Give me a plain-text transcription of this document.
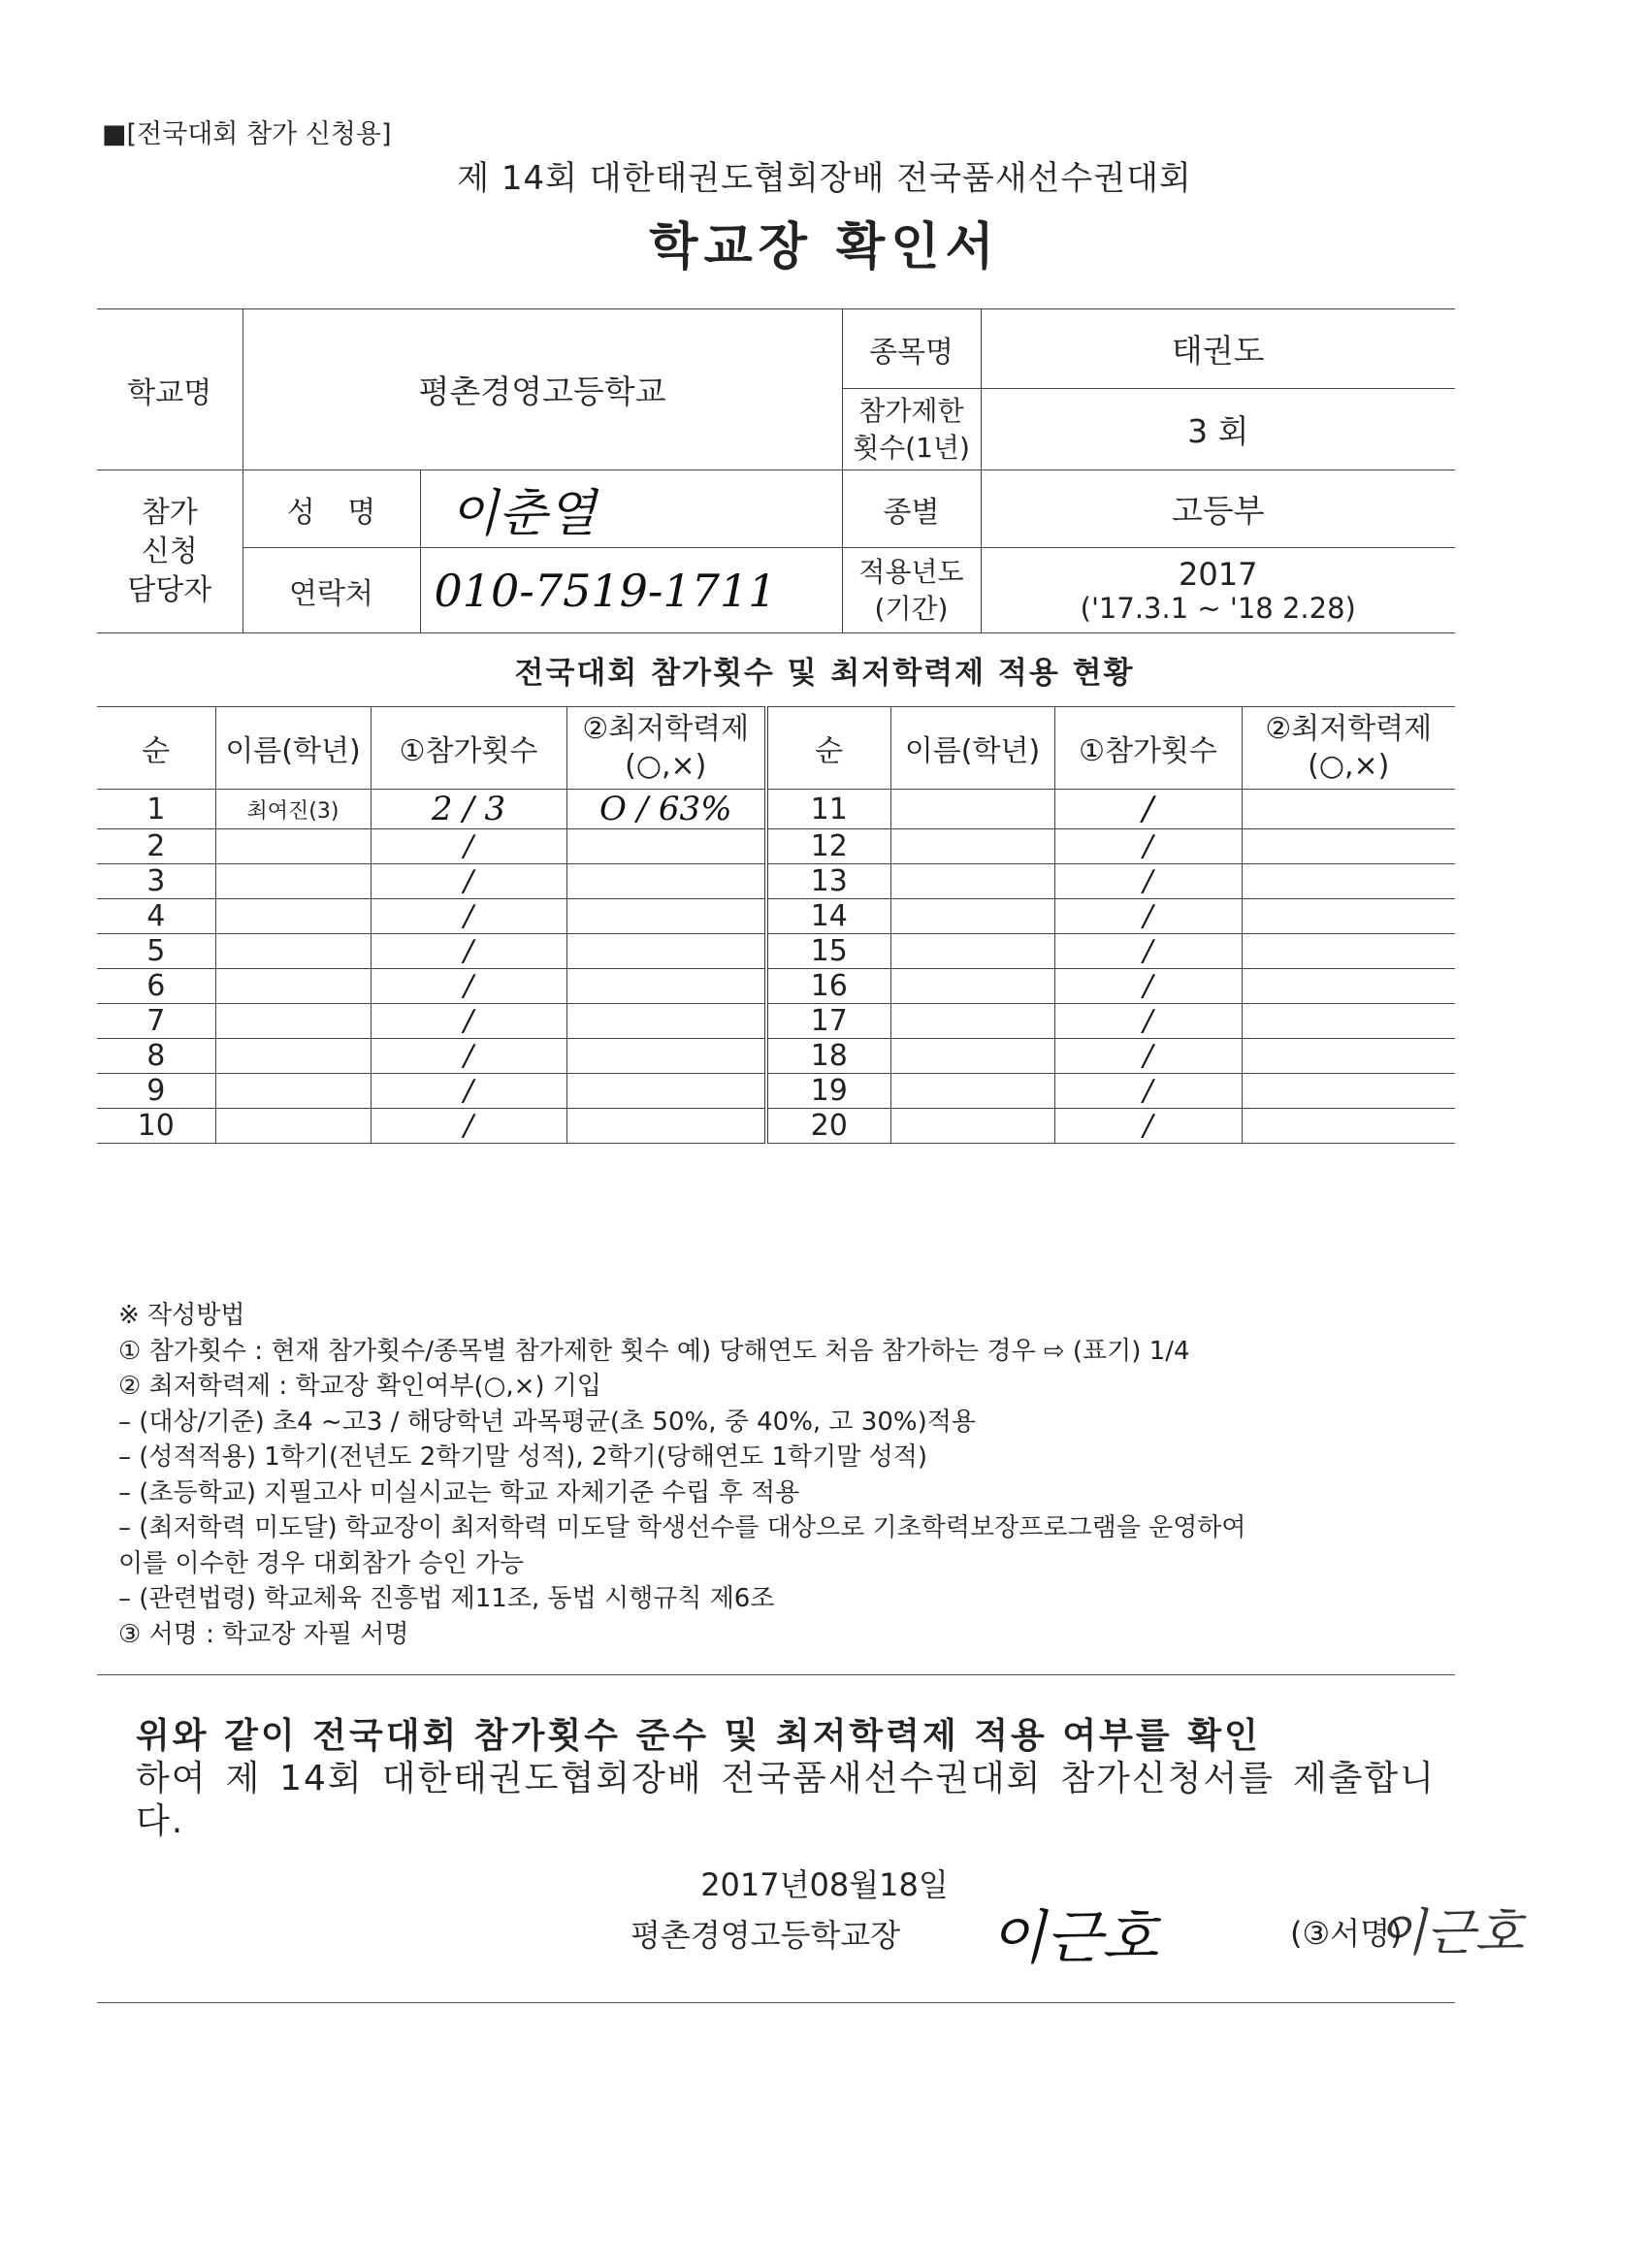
■[전국대회 참가 신청용]
제 14회 대한태권도협회장배 전국품새선수권대회
학교장 확인서
학교명	평촌경영고등학교		종목명	태권도
			참가제한 횟수(1년)	3 회
참가 신청 담당자	성 명	이춘열	종별	고등부
	연락처	010-7519-1711	적용년도 (기간)	2017
('17.3.1 ~ '18 2.28)
전국대회 참가횟수 및 최저학력제 적용 현황
순	이름(학년)	①참가횟수	②최저학력제 (○,×)	순	이름(학년)	①참가횟수	②최저학력제 (○,×)
1	최여진(3)	2 / 3	O / 63%	11		/	
2		/		12		/	
3		/		13		/	
4		/		14		/	
5		/		15		/	
6		/		16		/	
7		/		17		/	
8		/		18		/	
9		/		19		/	
10		/		20		/	
※ 작성방법
① 참가횟수 : 현재 참가횟수/종목별 참가제한 횟수 예) 당해연도 처음 참가하는 경우 ⇨ (표기) 1/4
② 최저학력제 : 학교장 확인여부(○,×) 기입
– (대상/기준) 초4 ~고3 / 해당학년 과목평균(초 50%, 중 40%, 고 30%)적용
– (성적적용) 1학기(전년도 2학기말 성적), 2학기(당해연도 1학기말 성적)
– (초등학교) 지필고사 미실시교는 학교 자체기준 수립 후 적용
– (최저학력 미도달) 학교장이 최저학력 미도달 학생선수를 대상으로 기초학력보장프로그램을 운영하여
이를 이수한 경우 대회참가 승인 가능
– (관련법령) 학교체육 진흥법 제11조, 동법 시행규칙 제6조
③ 서명 : 학교장 자필 서명
위와 같이 전국대회 참가횟수 준수 및 최저학력제 적용 여부를 확인
하여 제 14회 대한태권도협회장배 전국품새선수권대회 참가신청서를 제출합니다.
2017년08월18일
평촌경영고등학교장 이근호	(③서명)
이근호
